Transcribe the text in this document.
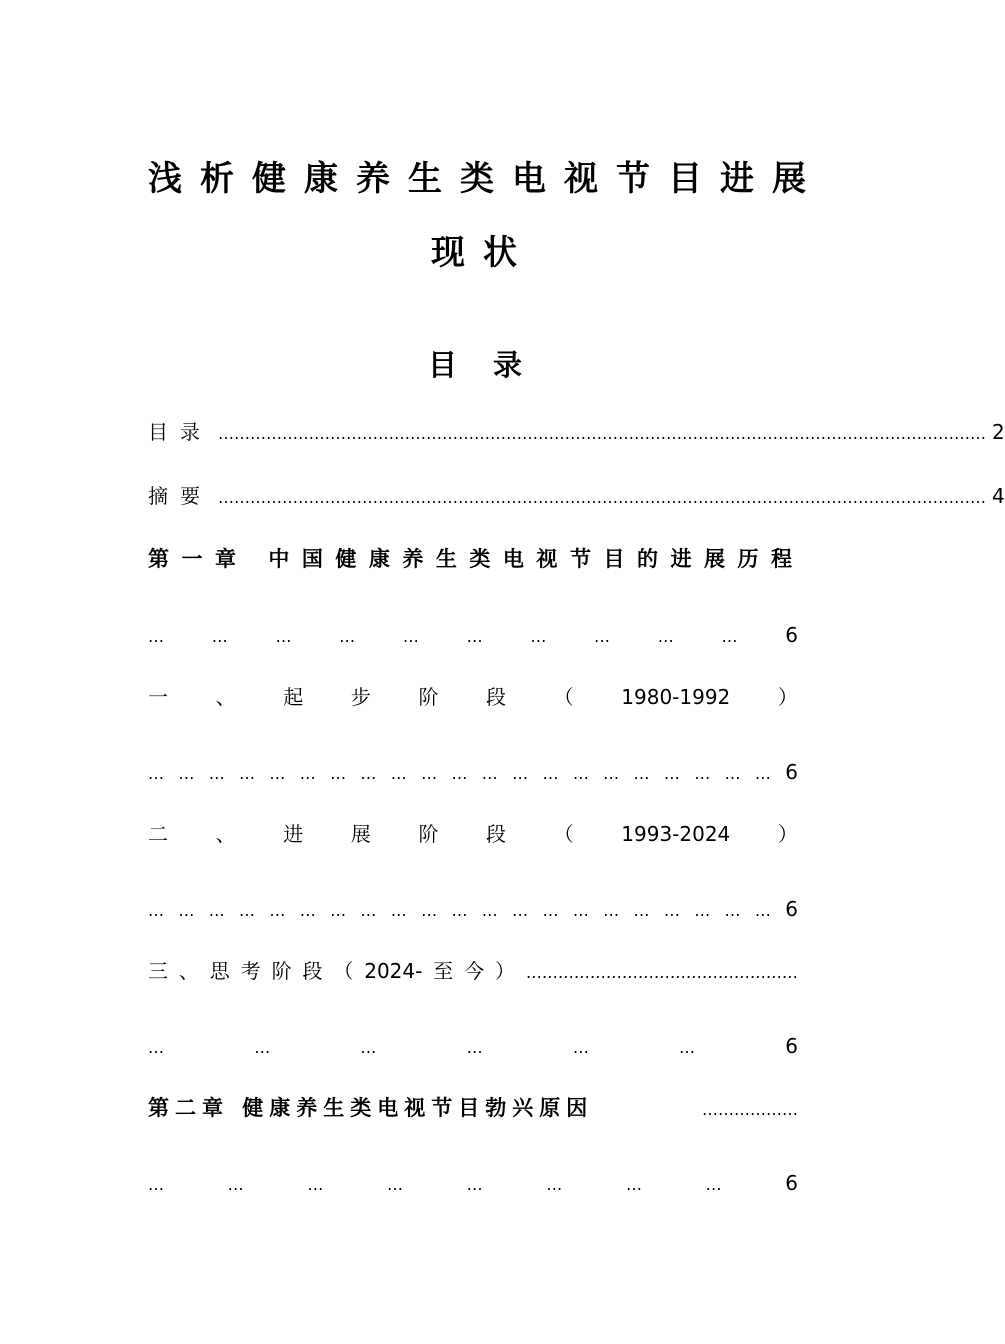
浅析健康养生类电视节目进展
现状
目录
目录 ……………………………………………………………………………………………………………………………… 2
摘要 ……………………………………………………………………………………………………………………………… 4
第一章 中国健康养生类电视节目的进展历程
…	…	…	…	…	…	…	…	…	… 6
一 、 起 步 阶 段 （ 1980-1992 ）
… … … … … … … … … … … … … … … … … … … … … 6
二 、 进 展 阶 段 （ 1993-2024 ）
… … … … … … … … … … … … … … … … … … … … … 6
三 、 思 考 阶 段 （ 2024- 至 今 ） ……………………………………………
…	…	…	…	…	…	6
第二章 健康养生类电视节目勃兴原因	………………
…	…	…	…	…	…	…	…	6
